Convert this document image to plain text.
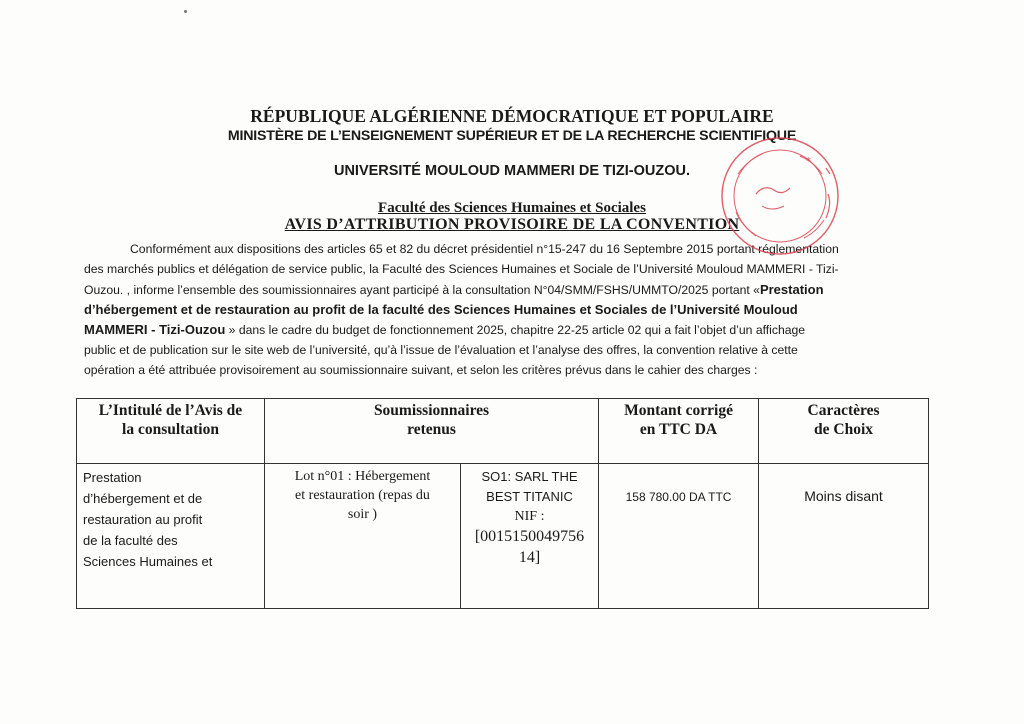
RÉPUBLIQUE ALGÉRIENNE DÉMOCRATIQUE ET POPULAIRE
MINISTÈRE DE L’ENSEIGNEMENT SUPÉRIEUR ET DE LA RECHERCHE SCIENTIFIQUE
UNIVERSITÉ MOULOUD MAMMERI DE TIZI-OUZOU.
Faculté des Sciences Humaines et Sociales
AVIS D’ATTRIBUTION PROVISOIRE DE LA CONVENTION
Conformément aux dispositions des articles 65 et 82 du décret présidentiel n°15-247 du 16 Septembre 2015 portant réglementation
des marchés publics et délégation de service public, la Faculté des Sciences Humaines et Sociale de l’Université Mouloud MAMMERI - Tizi-
Ouzou. , informe l’ensemble des soumissionnaires ayant participé à la consultation N°04/SMM/FSHS/UMMTO/2025 portant «Prestation
d’hébergement et de restauration au profit de la faculté des Sciences Humaines et Sociales de l’Université Mouloud
MAMMERI - Tizi-Ouzou » dans le cadre du budget de fonctionnement 2025, chapitre 22-25 article 02 qui a fait l’objet d’un affichage
public et de publication sur le site web de l’université, qu’à l’issue de l’évaluation et l’analyse des offres, la convention relative à cette
opération a été attribuée provisoirement au soumissionnaire suivant, et selon les critères prévus dans le cahier des charges :
L’Intitulé de l’Avis de
la consultation	Soumissionnaires
retenus		Montant corrigé
en TTC DA	Caractères
de Choix

Prestation
d’hébergement et de
restauration au profit
de la faculté des
Sciences Humaines et	Lot n°01 : Hébergement
et restauration (repas du
soir )	SO1: SARL THE
BEST TITANIC
NIF :
[0015150049756
14]	158 780.00 DA TTC	Moins disant
*
